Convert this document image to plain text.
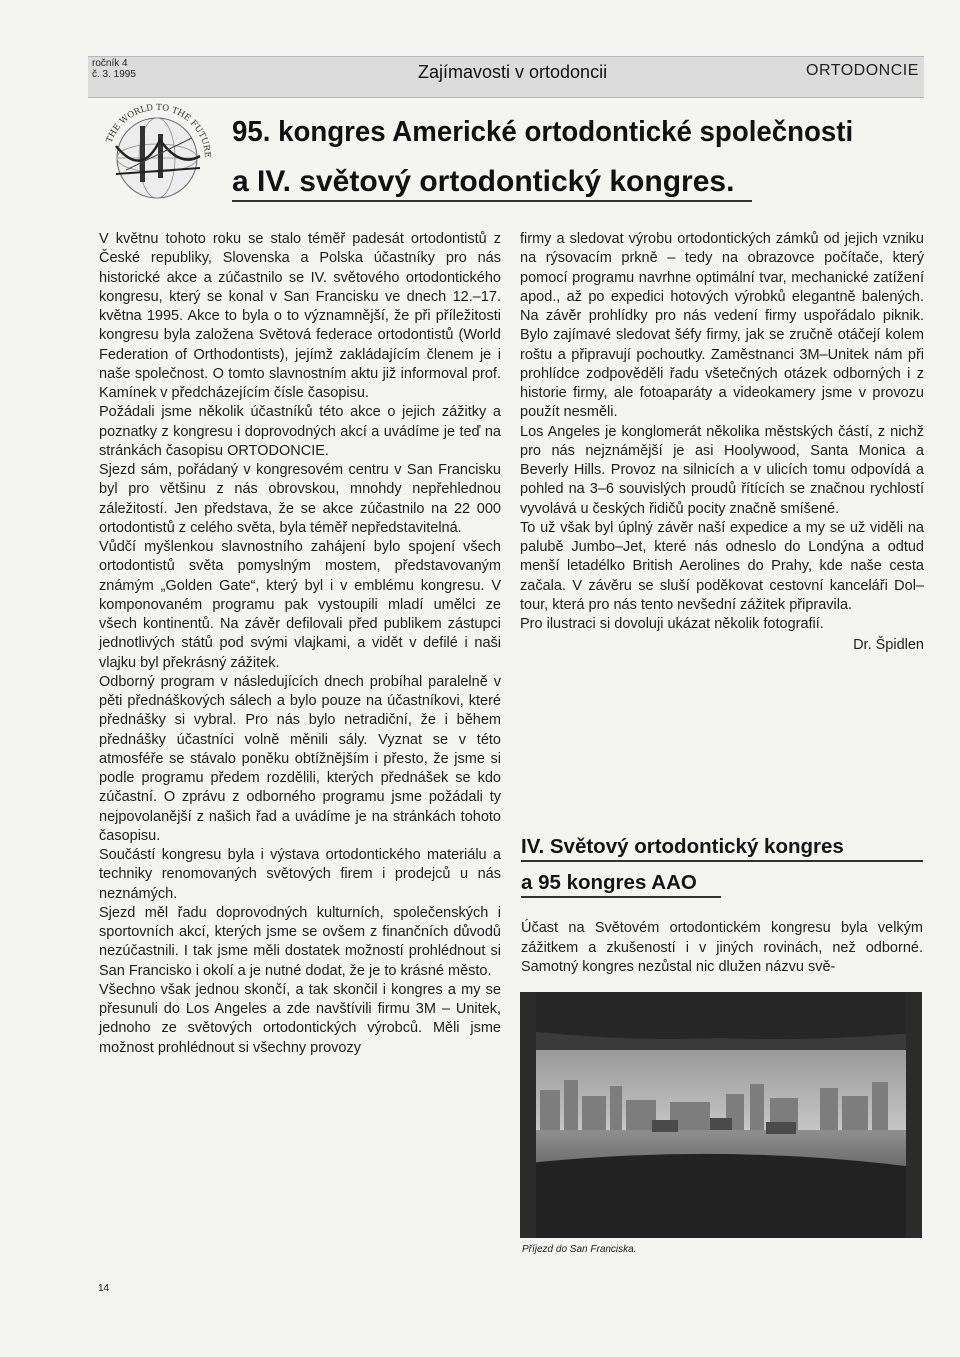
ročník 4
č. 3. 1995	Zajímavosti v ortodoncii	ORTODONCIE
THE WORLD TO THE FUTURE
95. kongres Americké ortodontické společnosti
a IV. světový ortodontický kongres.

V květnu tohoto roku se stalo téměř padesát ortodontistů z České republiky, Slovenska a Polska účastníky pro nás historické akce a zúčastnilo se IV. světového ortodontického kongresu, který se konal v San Francisku ve dnech 12.–17. května 1995. Akce to byla o to významnější, že při příležitosti kongresu byla založena Světová federace ortodontistů (World Federation of Orthodontists), jejímž zakládajícím členem je i naše společnost. O tomto slavnostním aktu již informoval prof. Kamínek v předcházejícím čísle časopisu.

Požádali jsme několik účastníků této akce o jejich zážitky a poznatky z kongresu i doprovodných akcí a uvádíme je teď na stránkách časopisu ORTODONCIE.

Sjezd sám, pořádaný v kongresovém centru v San Francisku byl pro většinu z nás obrovskou, mnohdy nepřehlednou záležitostí. Jen představa, že se akce zúčastnilo na 22 000 ortodontistů z celého světa, byla téměř nepředstavitelná.

Vůdčí myšlenkou slavnostního zahájení bylo spojení všech ortodontistů světa pomyslným mostem, představovaným známým „Golden Gate“, který byl i v emblému kongresu. V komponovaném programu pak vystoupili mladí umělci ze všech kontinentů. Na závěr defilovali před publikem zástupci jednotlivých států pod svými vlajkami, a vidět v defilé i naši vlajku byl překrásný zážitek.

Odborný program v následujících dnech probíhal paralelně v pěti přednáškových sálech a bylo pouze na účastníkovi, které přednášky si vybral. Pro nás bylo netradiční, že i během přednášky účastníci volně měnili sály. Vyznat se v této atmosféře se stávalo poněku obtížnějším i přesto, že jsme si podle programu předem rozdělili, kterých přednášek se kdo zúčastní. O zprávu z odborného programu jsme požádali ty nejpovolanější z našich řad a uvádíme je na stránkách tohoto časopisu.

Součástí kongresu byla i výstava ortodontického materiálu a techniky renomovaných světových firem i prodejců u nás neznámých.

Sjezd měl řadu doprovodných kulturních, společenských i sportovních akcí, kterých jsme se ovšem z finančních důvodů nezúčastnili. I tak jsme měli dostatek možností prohlédnout si San Francisko i okolí a je nutné dodat, že je to krásné město.

Všechno však jednou skončí, a tak skončil i kongres a my se přesunuli do Los Angeles a zde navštívili firmu 3M – Unitek, jednoho ze světových ortodontických výrobců. Měli jsme možnost prohlédnout si všechny provozy

firmy a sledovat výrobu ortodontických zámků od jejich vzniku na rýsovacím prkně – tedy na obrazovce počítače, který pomocí programu navrhne optimální tvar, mechanické zatížení apod., až po expedici hotových výrobků elegantně balených. Na závěr prohlídky pro nás vedení firmy uspořádalo piknik. Bylo zajímavé sledovat šéfy firmy, jak se zručně otáčejí kolem roštu a připravují pochoutky. Zaměstnanci 3M–Unitek nám při prohlídce zodpověděli řadu všetečných otázek odborných i z historie firmy, ale fotoaparáty a videokamery jsme v provozu použít nesměli.

Los Angeles je konglomerát několika městských částí, z nichž pro nás nejznámější je asi Hoolywood, Santa Monica a Beverly Hills. Provoz na silnicích a v ulicích tomu odpovídá a pohled na 3–6 souvislých proudů řítících se značnou rychlostí vyvolává u českých řidičů pocity značně smíšené.

To už však byl úplný závěr naší expedice a my se už viděli na palubě Jumbo–Jet, které nás odneslo do Londýna a odtud menší letadélko British Aerolines do Prahy, kde naše cesta začala. V závěru se sluší poděkovat cestovní kanceláři Dol–tour, která pro nás tento nevšední zážitek připravila.

Pro ilustraci si dovoluji ukázat několik fotografií.

Dr. Špidlen

IV. Světový ortodontický kongres
a 95 kongres AAO

Účast na Světovém ortodontickém kongresu byla velkým zážitkem a zkušeností i v jiných rovinách, než odborné. Samotný kongres nezůstal nic dlužen názvu svě-

Příjezd do San Franciska.
14
